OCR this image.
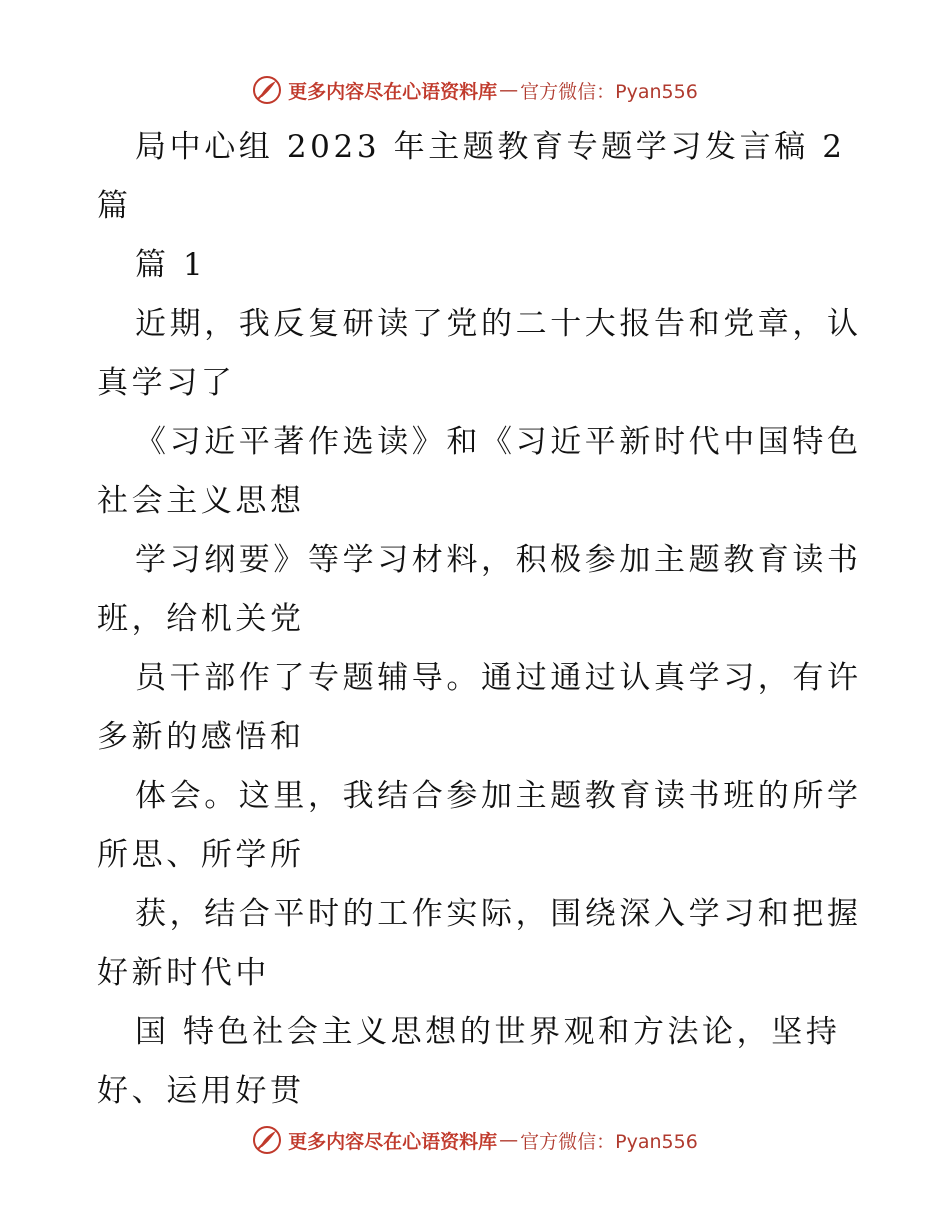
更多内容尽在心语资料库 — 官方微信：Pyan556
局中心组 2023 年主题教育专题学习发言稿 2
篇
篇 1
近期，我反复研读了党的二十大报告和党章，认
真学习了
《习近平著作选读》和《习近平新时代中国特色
社会主义思想
学习纲要》等学习材料，积极参加主题教育读书
班，给机关党
员干部作了专题辅导。通过通过认真学习，有许
多新的感悟和
体会。这里，我结合参加主题教育读书班的所学
所思、所学所
获，结合平时的工作实际，围绕深入学习和把握
好新时代中
国 特色社会主义思想的世界观和方法论，坚持
好、运用好贯
更多内容尽在心语资料库 — 官方微信：Pyan556
